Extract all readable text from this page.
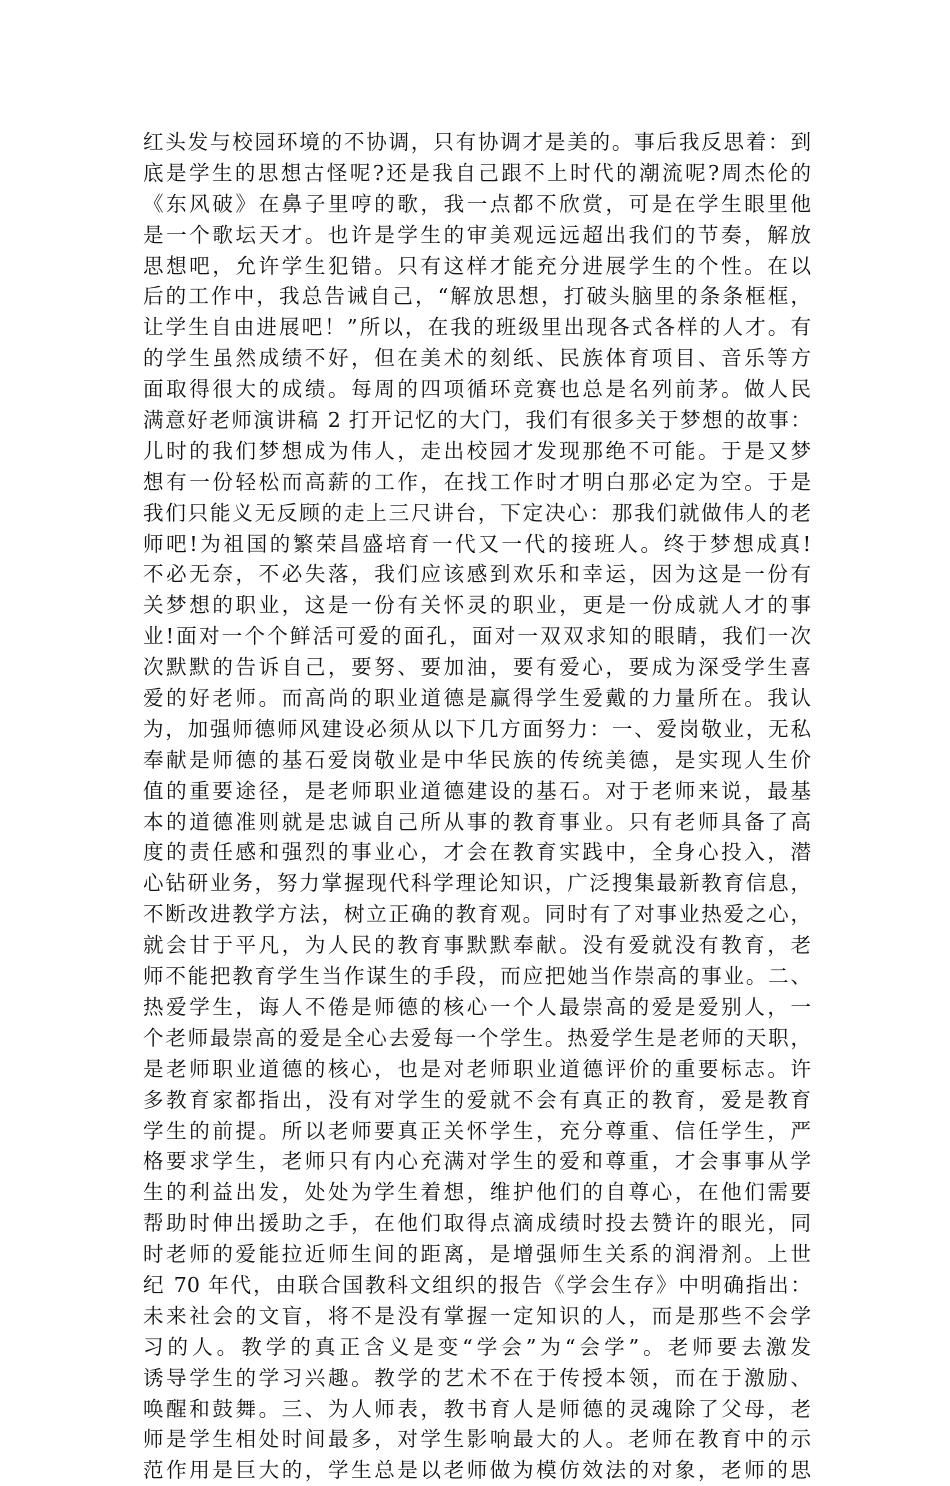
红头发与校园环境的不协调，只有协调才是美的。事后我反思着：到
底是学生的思想古怪呢?还是我自己跟不上时代的潮流呢?周杰伦的
《东风破》在鼻子里哼的歌，我一点都不欣赏，可是在学生眼里他
是一个歌坛天才。也许是学生的审美观远远超出我们的节奏，解放
思想吧，允许学生犯错。只有这样才能充分进展学生的个性。在以
后的工作中，我总告诫自己，“解放思想，打破头脑里的条条框框，
让学生自由进展吧！”所以，在我的班级里出现各式各样的人才。有
的学生虽然成绩不好，但在美术的刻纸、民族体育项目、音乐等方
面取得很大的成绩。每周的四项循环竞赛也总是名列前茅。做人民
满意好老师演讲稿 2 打开记忆的大门，我们有很多关于梦想的故事：
儿时的我们梦想成为伟人，走出校园才发现那绝不可能。于是又梦
想有一份轻松而高薪的工作，在找工作时才明白那必定为空。于是
我们只能义无反顾的走上三尺讲台，下定决心：那我们就做伟人的老
师吧!为祖国的繁荣昌盛培育一代又一代的接班人。终于梦想成真!
不必无奈，不必失落，我们应该感到欢乐和幸运，因为这是一份有
关梦想的职业，这是一份有关怀灵的职业，更是一份成就人才的事
业!面对一个个鲜活可爱的面孔，面对一双双求知的眼睛，我们一次
次默默的告诉自己，要努、要加油，要有爱心，要成为深受学生喜
爱的好老师。而高尚的职业道德是赢得学生爱戴的力量所在。我认
为，加强师德师风建设必须从以下几方面努力：一、爱岗敬业，无私
奉献是师德的基石爱岗敬业是中华民族的传统美德，是实现人生价
值的重要途径，是老师职业道德建设的基石。对于老师来说，最基
本的道德准则就是忠诚自己所从事的教育事业。只有老师具备了高
度的责任感和强烈的事业心，才会在教育实践中，全身心投入，潜
心钻研业务，努力掌握现代科学理论知识，广泛搜集最新教育信息，
不断改进教学方法，树立正确的教育观。同时有了对事业热爱之心，
就会甘于平凡，为人民的教育事默默奉献。没有爱就没有教育，老
师不能把教育学生当作谋生的手段，而应把她当作崇高的事业。二、
热爱学生，诲人不倦是师德的核心一个人最崇高的爱是爱别人，一
个老师最崇高的爱是全心去爱每一个学生。热爱学生是老师的天职，
是老师职业道德的核心，也是对老师职业道德评价的重要标志。许
多教育家都指出，没有对学生的爱就不会有真正的教育，爱是教育
学生的前提。所以老师要真正关怀学生，充分尊重、信任学生，严
格要求学生，老师只有内心充满对学生的爱和尊重，才会事事从学
生的利益出发，处处为学生着想，维护他们的自尊心，在他们需要
帮助时伸出援助之手，在他们取得点滴成绩时投去赞许的眼光，同
时老师的爱能拉近师生间的距离，是增强师生关系的润滑剂。上世
纪 70 年代，由联合国教科文组织的报告《学会生存》中明确指出：
未来社会的文盲，将不是没有掌握一定知识的人，而是那些不会学
习的人。教学的真正含义是变“学会”为“会学”。老师要去激发
诱导学生的学习兴趣。教学的艺术不在于传授本领，而在于激励、
唤醒和鼓舞。三、为人师表，教书育人是师德的灵魂除了父母，老
师是学生相处时间最多，对学生影响最大的人。老师在教育中的示
范作用是巨大的，学生总是以老师做为模仿效法的对象，老师的思
